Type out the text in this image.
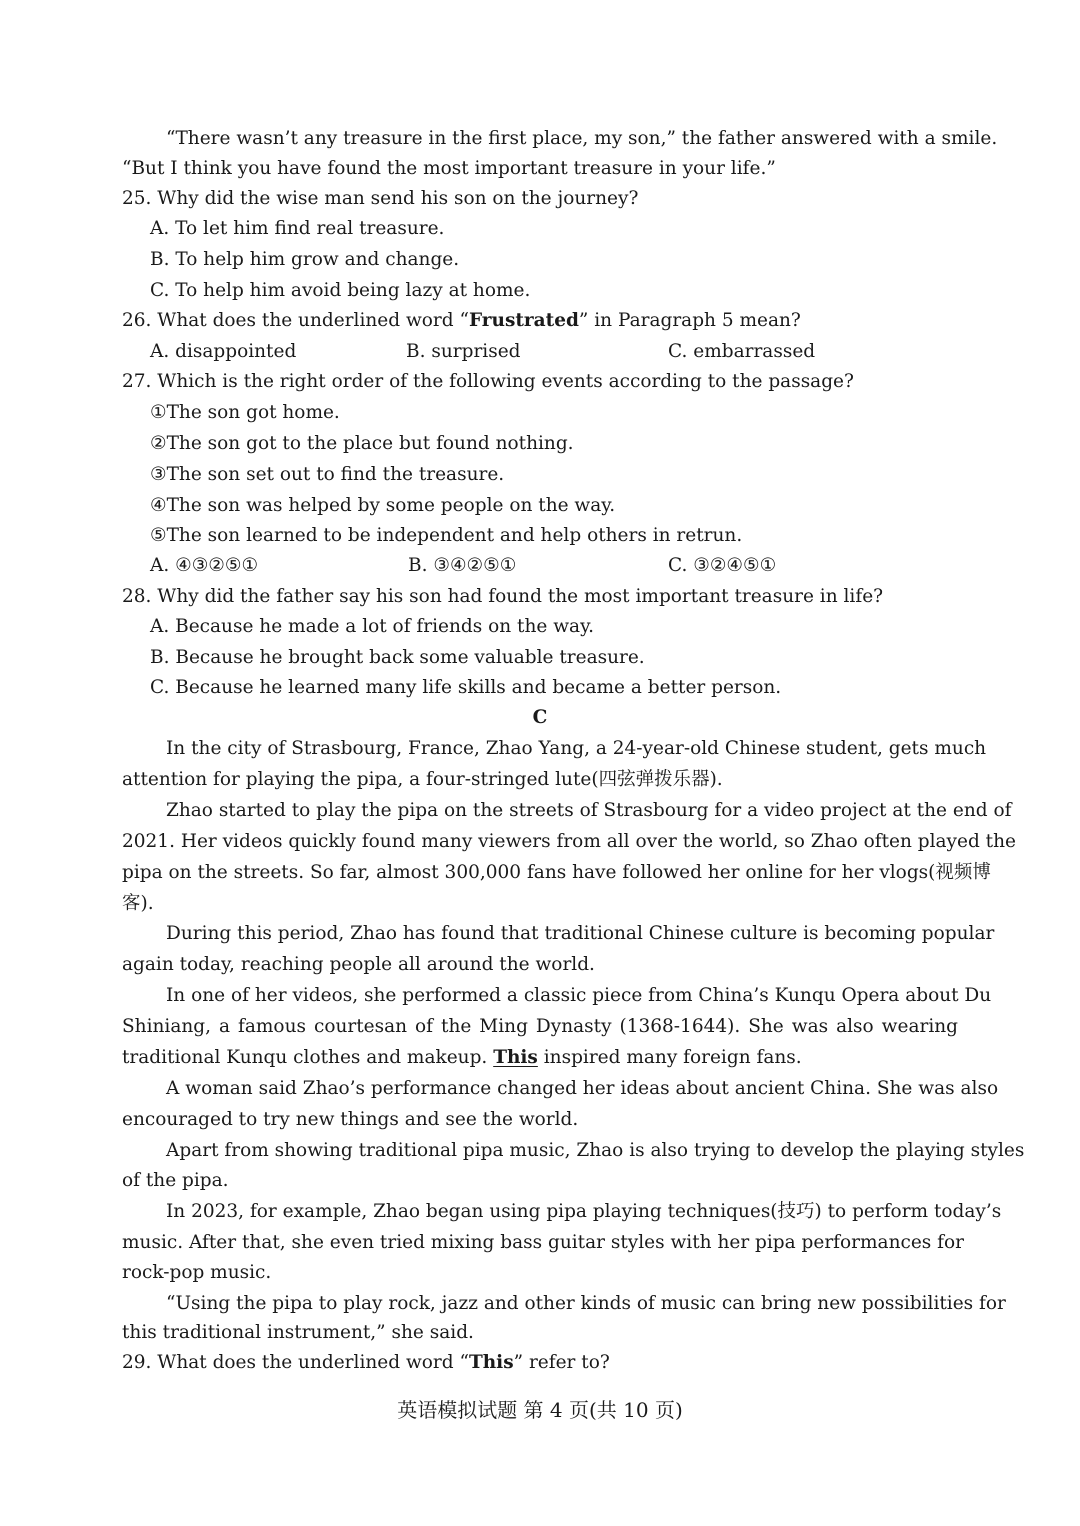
“There wasn’t any treasure in the first place, my son,” the father answered with a smile.
“But I think you have found the most important treasure in your life.”
25. Why did the wise man send his son on the journey?
A. To let him find real treasure.
B. To help him grow and change.
C. To help him avoid being lazy at home.
26. What does the underlined word “Frustrated” in Paragraph 5 mean?
A. disappointed	B. surprised	C. embarrassed
27. Which is the right order of the following events according to the passage?
①The son got home.
②The son got to the place but found nothing.
③The son set out to find the treasure.
④The son was helped by some people on the way.
⑤The son learned to be independent and help others in retrun.
A. ④③②⑤①	B. ③④②⑤①	C. ③②④⑤①
28. Why did the father say his son had found the most important treasure in life?
A. Because he made a lot of friends on the way.
B. Because he brought back some valuable treasure.
C. Because he learned many life skills and became a better person.
C
In the city of Strasbourg, France, Zhao Yang, a 24-year-old Chinese student, gets much
attention for playing the pipa, a four-stringed lute(四弦弹拨乐器).
Zhao started to play the pipa on the streets of Strasbourg for a video project at the end of
2021. Her videos quickly found many viewers from all over the world, so Zhao often played the
pipa on the streets. So far, almost 300,000 fans have followed her online for her vlogs(视频博
客).
During this period, Zhao has found that traditional Chinese culture is becoming popular
again today, reaching people all around the world.
In one of her videos, she performed a classic piece from China’s Kunqu Opera about Du
Shiniang, a famous courtesan of the Ming Dynasty (1368-1644). She was also wearing
traditional Kunqu clothes and makeup. This inspired many foreign fans.
A woman said Zhao’s performance changed her ideas about ancient China. She was also
encouraged to try new things and see the world.
Apart from showing traditional pipa music, Zhao is also trying to develop the playing styles
of the pipa.
In 2023, for example, Zhao began using pipa playing techniques(技巧) to perform today’s
music. After that, she even tried mixing bass guitar styles with her pipa performances for
rock-pop music.
“Using the pipa to play rock, jazz and other kinds of music can bring new possibilities for
this traditional instrument,” she said.
29. What does the underlined word “This” refer to?
英语模拟试题 第 4 页(共 10 页)
